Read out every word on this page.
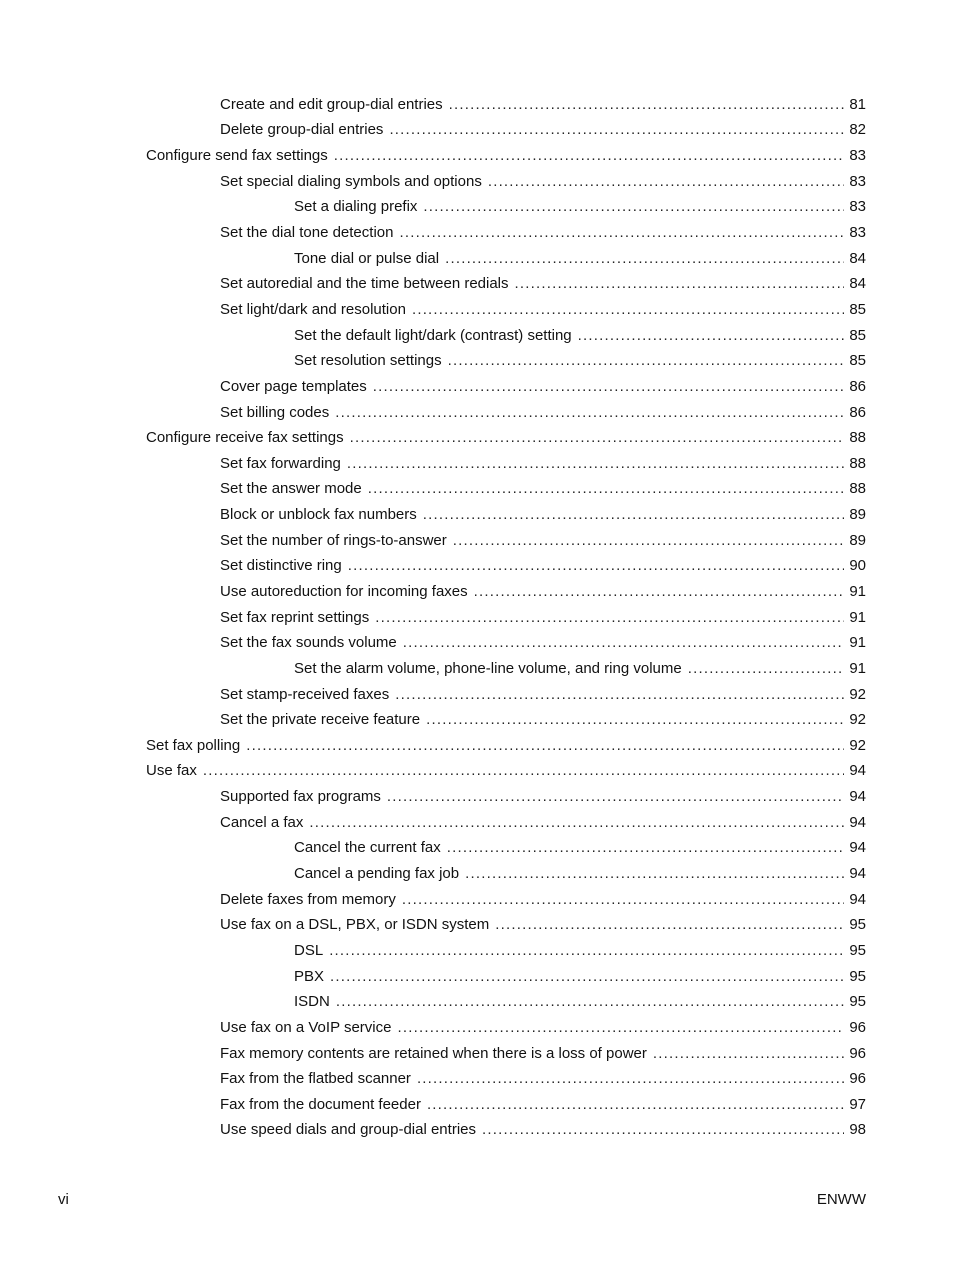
Create and edit group-dial entries .....	81
Delete group-dial entries .....	82
Configure send fax settings .....	83
Set special dialing symbols and options .....	83
Set a dialing prefix .....	83
Set the dial tone detection .....	83
Tone dial or pulse dial .....	84
Set autoredial and the time between redials .....	84
Set light/dark and resolution .....	85
Set the default light/dark (contrast) setting .....	85
Set resolution settings .....	85
Cover page templates .....	86
Set billing codes .....	86
Configure receive fax settings .....	88
Set fax forwarding .....	88
Set the answer mode .....	88
Block or unblock fax numbers .....	89
Set the number of rings-to-answer .....	89
Set distinctive ring .....	90
Use autoreduction for incoming faxes .....	91
Set fax reprint settings .....	91
Set the fax sounds volume .....	91
Set the alarm volume, phone-line volume, and ring volume .....	91
Set stamp-received faxes .....	92
Set the private receive feature .....	92
Set fax polling .....	92
Use fax .....	94
Supported fax programs .....	94
Cancel a fax .....	94
Cancel the current fax .....	94
Cancel a pending fax job .....	94
Delete faxes from memory .....	94
Use fax on a DSL, PBX, or ISDN system .....	95
DSL .....	95
PBX .....	95
ISDN .....	95
Use fax on a VoIP service .....	96
Fax memory contents are retained when there is a loss of power .....	96
Fax from the flatbed scanner .....	96
Fax from the document feeder .....	97
Use speed dials and group-dial entries .....	98
vi	ENWW
